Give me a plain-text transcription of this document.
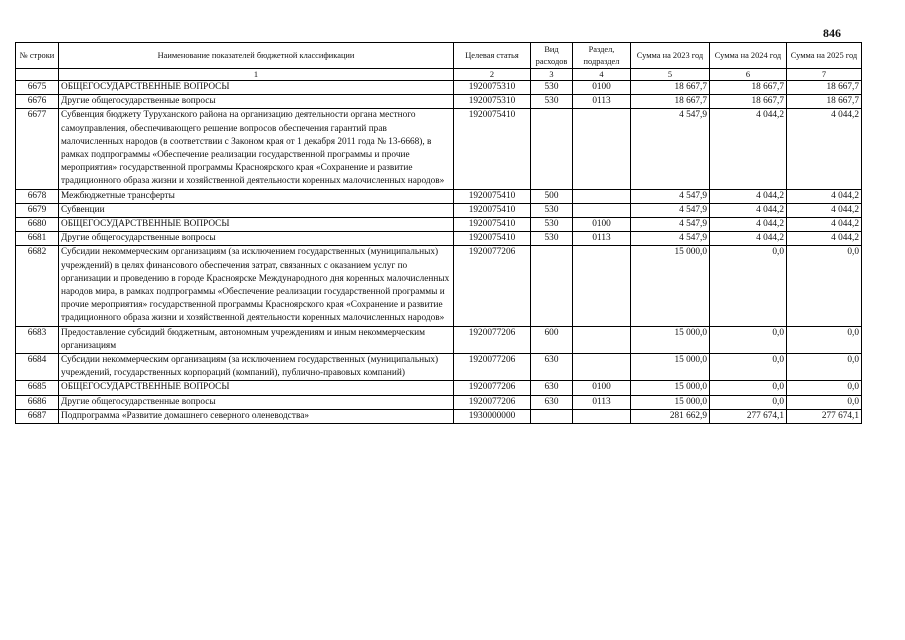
846
№ строки	Наименование показателей бюджетной классификации	Целевая статья	Вид расходов	Раздел, подраздел	Сумма на 2023 год	Сумма на 2024 год	Сумма на 2025 год
	1	2	3	4	5	6	7
6675	ОБЩЕГОСУДАРСТВЕННЫЕ ВОПРОСЫ	1920075310	530	0100	18 667,7	18 667,7	18 667,7
6676	Другие общегосударственные вопросы	1920075310	530	0113	18 667,7	18 667,7	18 667,7
6677	Субвенция бюджету Туруханского района на организацию деятельности органа местного самоуправления, обеспечивающего решение вопросов обеспечения гарантий прав малочисленных народов (в соответствии с Законом края от 1 декабря 2011 года № 13-6668), в рамках подпрограммы «Обеспечение реализации государственной программы и прочие мероприятия» государственной программы Красноярского края «Сохранение и развитие традиционного образа жизни и хозяйственной деятельности коренных малочисленных народов»	1920075410			4 547,9	4 044,2	4 044,2
6678	Межбюджетные трансферты	1920075410	500		4 547,9	4 044,2	4 044,2
6679	Субвенции	1920075410	530		4 547,9	4 044,2	4 044,2
6680	ОБЩЕГОСУДАРСТВЕННЫЕ ВОПРОСЫ	1920075410	530	0100	4 547,9	4 044,2	4 044,2
6681	Другие общегосударственные вопросы	1920075410	530	0113	4 547,9	4 044,2	4 044,2
6682	Субсидии некоммерческим организациям (за исключением государственных (муниципальных) учреждений) в целях финансового обеспечения затрат, связанных с оказанием услуг по организации и проведению в городе Красноярске Международного дня коренных малочисленных народов мира, в рамках подпрограммы «Обеспечение реализации государственной программы и прочие мероприятия» государственной программы Красноярского края «Сохранение и развитие традиционного образа жизни и хозяйственной деятельности коренных малочисленных народов»	1920077206			15 000,0	0,0	0,0
6683	Предоставление субсидий бюджетным, автономным учреждениям и иным некоммерческим организациям	1920077206	600		15 000,0	0,0	0,0
6684	Субсидии некоммерческим организациям (за исключением государственных (муниципальных) учреждений, государственных корпораций (компаний), публично-правовых компаний)	1920077206	630		15 000,0	0,0	0,0
6685	ОБЩЕГОСУДАРСТВЕННЫЕ ВОПРОСЫ	1920077206	630	0100	15 000,0	0,0	0,0
6686	Другие общегосударственные вопросы	1920077206	630	0113	15 000,0	0,0	0,0
6687	Подпрограмма «Развитие домашнего северного оленеводства»	1930000000			281 662,9	277 674,1	277 674,1
